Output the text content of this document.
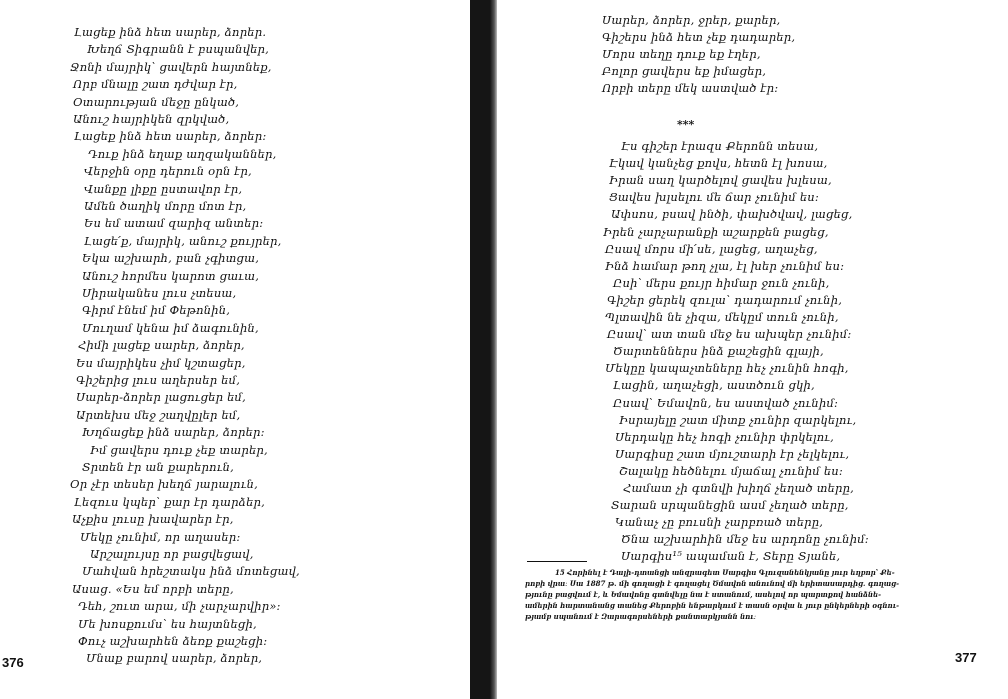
376
Լացեք ինձ հետ սարեր, ձորեր.
Խեղճ Տիգրանն է բսպանվեր,
Ջոնի մայրիկ՝ ցավերն հայտնեք,
Որբ մնալը շատ դժվար էր,
Օտարության մեջը ընկած,
Անուշ հայրիկեն զրկված,
Լացեք ինձ հետ սարեր, ձորեր։
Դուք ինձ եղաք աղզականներ,
Վերջին օրը դերուն օրն էր,
Վանքը լիքը ըստավոր էր,
Ամեն ծաղիկ մորը մոտ էր,
Ես եմ ատամ զարիզ անտեր։
Լացե՛ք, մայրիկ, անուշ քույրեր,
Եկա աշխարհ, բան չգիտցա,
Անուշ հորմես կարոտ ցաւա,
Սիրականես լուս չտեսա,
Գիրմ էնեմ իմ Փեթոնին,
Մուղամ կենա իմ ձագունին,
Հիմի լացեք սարեր, ձորեր,
Ես մայրիկես չիմ կշտացեր,
Գիշերից լուս աղերսեր եմ,
Սարեր-ձորեր լացուցեր եմ,
Արտեխս մեջ շաղվըլեր եմ,
Խղճացեք ինձ սարեր, ձորեր։
Իմ ցավերս դուք չեք տարեր,
Տրտեն էր ան քարերուն,
Օր չէր տեսեր խեղճ յարալուն,
Լեզուս կպեր՝ քար էր դարձեր,
Աչքիս լուսը խավարեր էր,
Մեկը չունիմ, որ աղասեր։
Արշալույսը որ բացվեցավ,
Մահվան հրեշտակս ինձ մոտեցավ,
Ասաց. «Ես եմ որբի տերը,
Դեհ, շուտ արա, մի չարչարվիր»։
Մե խոսքումս՝ ես հայտնեցի,
Փուչ աշխարհեն ձեռք քաշեցի։
Մնաք բարով սարեր, ձորեր,
***
377
Սարեր, ձորեր, ջրեր, քարեր,
Գիշերս ինձ հետ չեք դադարեր,
Մորս տեղը դուք եք էղեր,
Բոլոր ցավերս եք իմացեր,
Որբի տերը մեկ աստված էր։
Էս գիշեր էրազս Քերոնն տեսա,
Էկավ կանչեց քովս, հետն էլ խոսա,
Իրան սաղ կարծելով ցավես խլեսա,
Ցավես խլսելու մե ճար չունիմ ես։
Ափսոս, բսավ ինծի, փախծվավ, լացեց,
Իրեն չարչարանքի աշարքեն բացեց,
Ըսավ մորս մի՛սե, լացեց, աղաչեց,
Ինձ համար թող չլա, էլ խեր չունիմ ես։
Ըսի՝ մերս քույր հիմար ջուն չունի,
Գիշեր ցերեկ զուլա՝ դադարում չունի,
Պլտավին նե չիզա, մեկըմ տուն չունի,
Ըսավ՝ ատ տան մեջ ես ախպեր չունիմ։
Ծարտեններս ինձ քաշեցին գլայի,
Մեկըը կապաչտեները հեչ չունին հոգի,
Լացին, աղաչեցի, աստծուն ցկի,
Ըսավ՝ Եմավոն, ես աստված չունիմ։
Իսրայելը շատ միտք չունիր զարկելու,
Սերդակը հեչ հոգի չունիր փրկելու,
Սարգիսը շատ մյուշտարի էր չելկելու,
Շալակը հեծնելու մյաճալ չունիմ ես։
Համատ չի գտնվի խիղճ չեղած տերը,
Տարան սրպանեցին ասմ չեղած տերը,
Կանաչ չը բուսնի չարբռած տերը,
Ծնա աշխարհին մեջ ես արդոնը չունիմ։
Սարգիս¹⁵ ապաման է, Տերը Տյանե,
15 Հորինել է Դալի-դտանցի անզրագետ Սարգիս Գլուզանենկյանը յուր եղբոր՝ Քե-
րոբի վրա։ Սա 1887 թ. մի գողացի է գողացել Ծմավոն անունով մի երիտասարդից. գողաց-
թյունը բացվում է, և Եմավոնը գտնվելը նա է ստանում, ասելով որ պարտքով հանձնե-
ամերին հարտանանց տանեց Քերոբին ենթարկում է տասն օրվա և յուր ընկերների օգնու-
թյամբ սպանում է Զարագորսեների քանտարկյանն նու։
